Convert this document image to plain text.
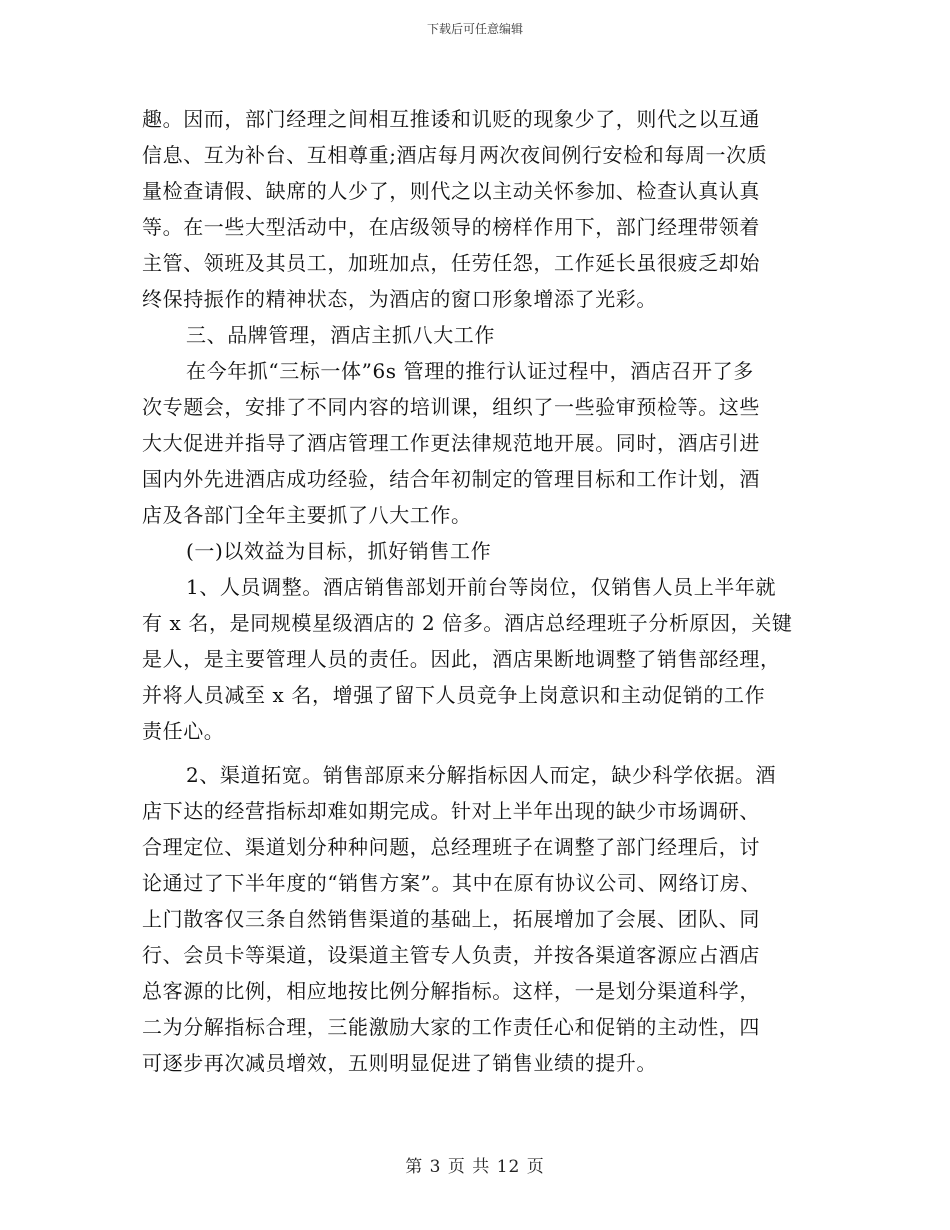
下载后可任意编辑
趣。因而，部门经理之间相互推诿和讥贬的现象少了，则代之以互通
信息、互为补台、互相尊重;酒店每月两次夜间例行安检和每周一次质
量检查请假、缺席的人少了，则代之以主动关怀参加、检查认真认真
等。在一些大型活动中，在店级领导的榜样作用下，部门经理带领着
主管、领班及其员工，加班加点，任劳任怨，工作延长虽很疲乏却始
终保持振作的精神状态，为酒店的窗口形象增添了光彩。
三、品牌管理，酒店主抓八大工作
在今年抓“三标一体”6s 管理的推行认证过程中，酒店召开了多
次专题会，安排了不同内容的培训课，组织了一些验审预检等。这些
大大促进并指导了酒店管理工作更法律规范地开展。同时，酒店引进
国内外先进酒店成功经验，结合年初制定的管理目标和工作计划，酒
店及各部门全年主要抓了八大工作。
(一)以效益为目标，抓好销售工作
1、人员调整。酒店销售部划开前台等岗位，仅销售人员上半年就
有 x 名，是同规模星级酒店的 2 倍多。酒店总经理班子分析原因，关键
是人，是主要管理人员的责任。因此，酒店果断地调整了销售部经理，
并将人员减至 x 名，增强了留下人员竞争上岗意识和主动促销的工作
责任心。
2、渠道拓宽。销售部原来分解指标因人而定，缺少科学依据。酒
店下达的经营指标却难如期完成。针对上半年出现的缺少市场调研、
合理定位、渠道划分种种问题，总经理班子在调整了部门经理后，讨
论通过了下半年度的“销售方案”。其中在原有协议公司、网络订房、
上门散客仅三条自然销售渠道的基础上，拓展增加了会展、团队、同
行、会员卡等渠道，设渠道主管专人负责，并按各渠道客源应占酒店
总客源的比例，相应地按比例分解指标。这样，一是划分渠道科学，
二为分解指标合理，三能激励大家的工作责任心和促销的主动性，四
可逐步再次减员增效，五则明显促进了销售业绩的提升。
第 3 页 共 12 页
